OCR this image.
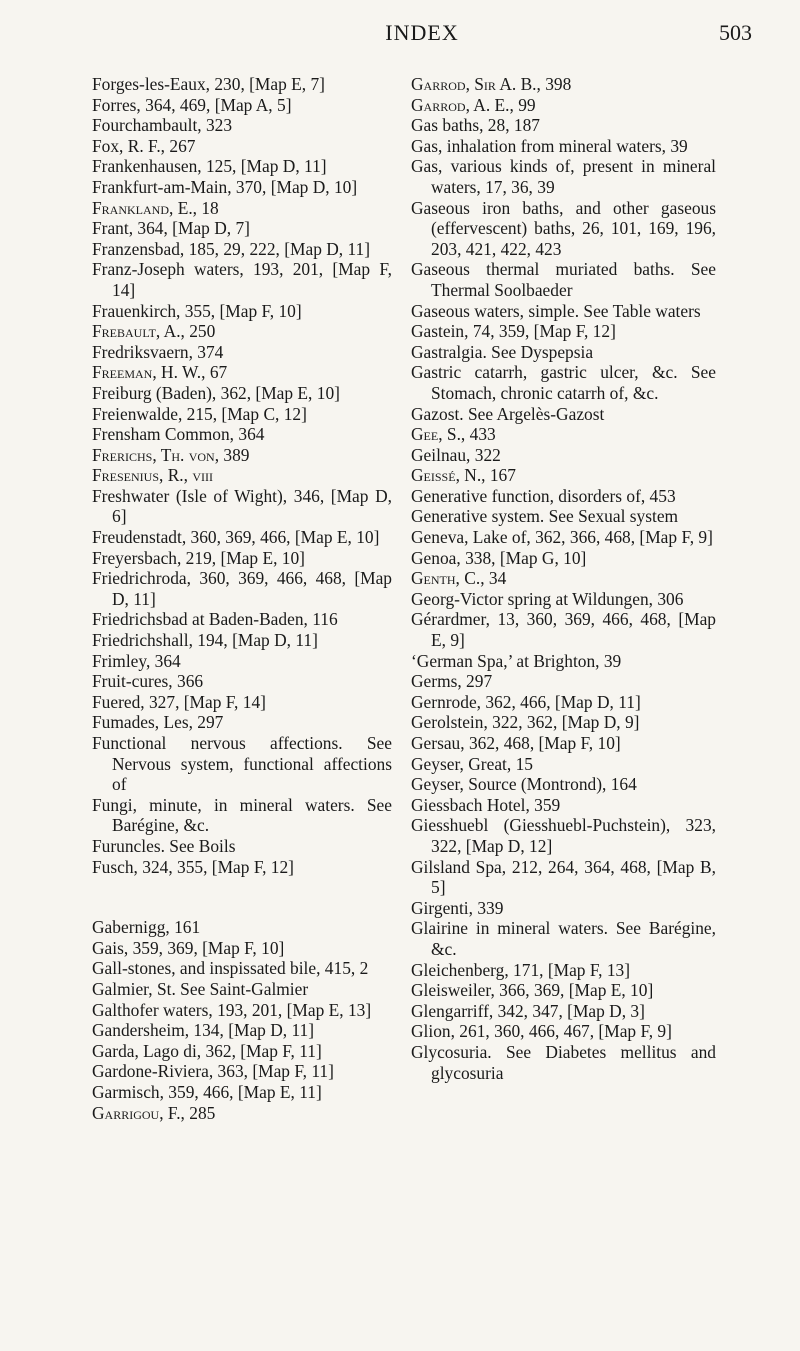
INDEX	503

Forges-les-Eaux, 230, [Map E, 7]

Forres, 364, 469, [Map A, 5]

Fourchambault, 323

Fox, R. F., 267

Frankenhausen, 125, [Map D, 11]

Frankfurt-am-Main, 370, [Map D, 10]

Frankland, E., 18

Frant, 364, [Map D, 7]

Franzensbad, 185, 29, 222, [Map D, 11]

Franz-Joseph waters, 193, 201, [Map F, 14]

Frauenkirch, 355, [Map F, 10]

Frebault, A., 250

Fredriksvaern, 374

Freeman, H. W., 67

Freiburg (Baden), 362, [Map E, 10]

Freienwalde, 215, [Map C, 12]

Frensham Common, 364

Frerichs, Th. von, 389

Fresenius, R., viii

Freshwater (Isle of Wight), 346, [Map D, 6]

Freudenstadt, 360, 369, 466, [Map E, 10]

Freyersbach, 219, [Map E, 10]

Friedrichroda, 360, 369, 466, 468, [Map D, 11]

Friedrichsbad at Baden-Baden, 116

Friedrichshall, 194, [Map D, 11]

Frimley, 364

Fruit-cures, 366

Fuered, 327, [Map F, 14]

Fumades, Les, 297

Functional nervous affections. See Nervous system, functional affections of

Fungi, minute, in mineral waters. See Barégine, &c.

Furuncles. See Boils

Fusch, 324, 355, [Map F, 12]

Gabernigg, 161

Gais, 359, 369, [Map F, 10]

Gall-stones, and inspissated bile, 415, 2

Galmier, St. See Saint-Galmier

Galthofer waters, 193, 201, [Map E, 13]

Gandersheim, 134, [Map D, 11]

Garda, Lago di, 362, [Map F, 11]

Gardone-Riviera, 363, [Map F, 11]

Garmisch, 359, 466, [Map E, 11]

Garrigou, F., 285

Garrod, Sir A. B., 398

Garrod, A. E., 99

Gas baths, 28, 187

Gas, inhalation from mineral waters, 39

Gas, various kinds of, present in mineral waters, 17, 36, 39

Gaseous iron baths, and other gaseous (effervescent) baths, 26, 101, 169, 196, 203, 421, 422, 423

Gaseous thermal muriated baths. See Thermal Soolbaeder

Gaseous waters, simple. See Table waters

Gastein, 74, 359, [Map F, 12]

Gastralgia. See Dyspepsia

Gastric catarrh, gastric ulcer, &c. See Stomach, chronic catarrh of, &c.

Gazost. See Argelès-Gazost

Gee, S., 433

Geilnau, 322

Geissé, N., 167

Generative function, disorders of, 453

Generative system. See Sexual system

Geneva, Lake of, 362, 366, 468, [Map F, 9]

Genoa, 338, [Map G, 10]

Genth, C., 34

Georg-Victor spring at Wildungen, 306

Gérardmer, 13, 360, 369, 466, 468, [Map E, 9]

‘German Spa,’ at Brighton, 39

Germs, 297

Gernrode, 362, 466, [Map D, 11]

Gerolstein, 322, 362, [Map D, 9]

Gersau, 362, 468, [Map F, 10]

Geyser, Great, 15

Geyser, Source (Montrond), 164

Giessbach Hotel, 359

Giesshuebl (Giesshuebl-Puchstein), 323, 322, [Map D, 12]

Gilsland Spa, 212, 264, 364, 468, [Map B, 5]

Girgenti, 339

Glairine in mineral waters. See Barégine, &c.

Gleichenberg, 171, [Map F, 13]

Gleisweiler, 366, 369, [Map E, 10]

Glengarriff, 342, 347, [Map D, 3]

Glion, 261, 360, 466, 467, [Map F, 9]

Glycosuria. See Diabetes mellitus and glycosuria
